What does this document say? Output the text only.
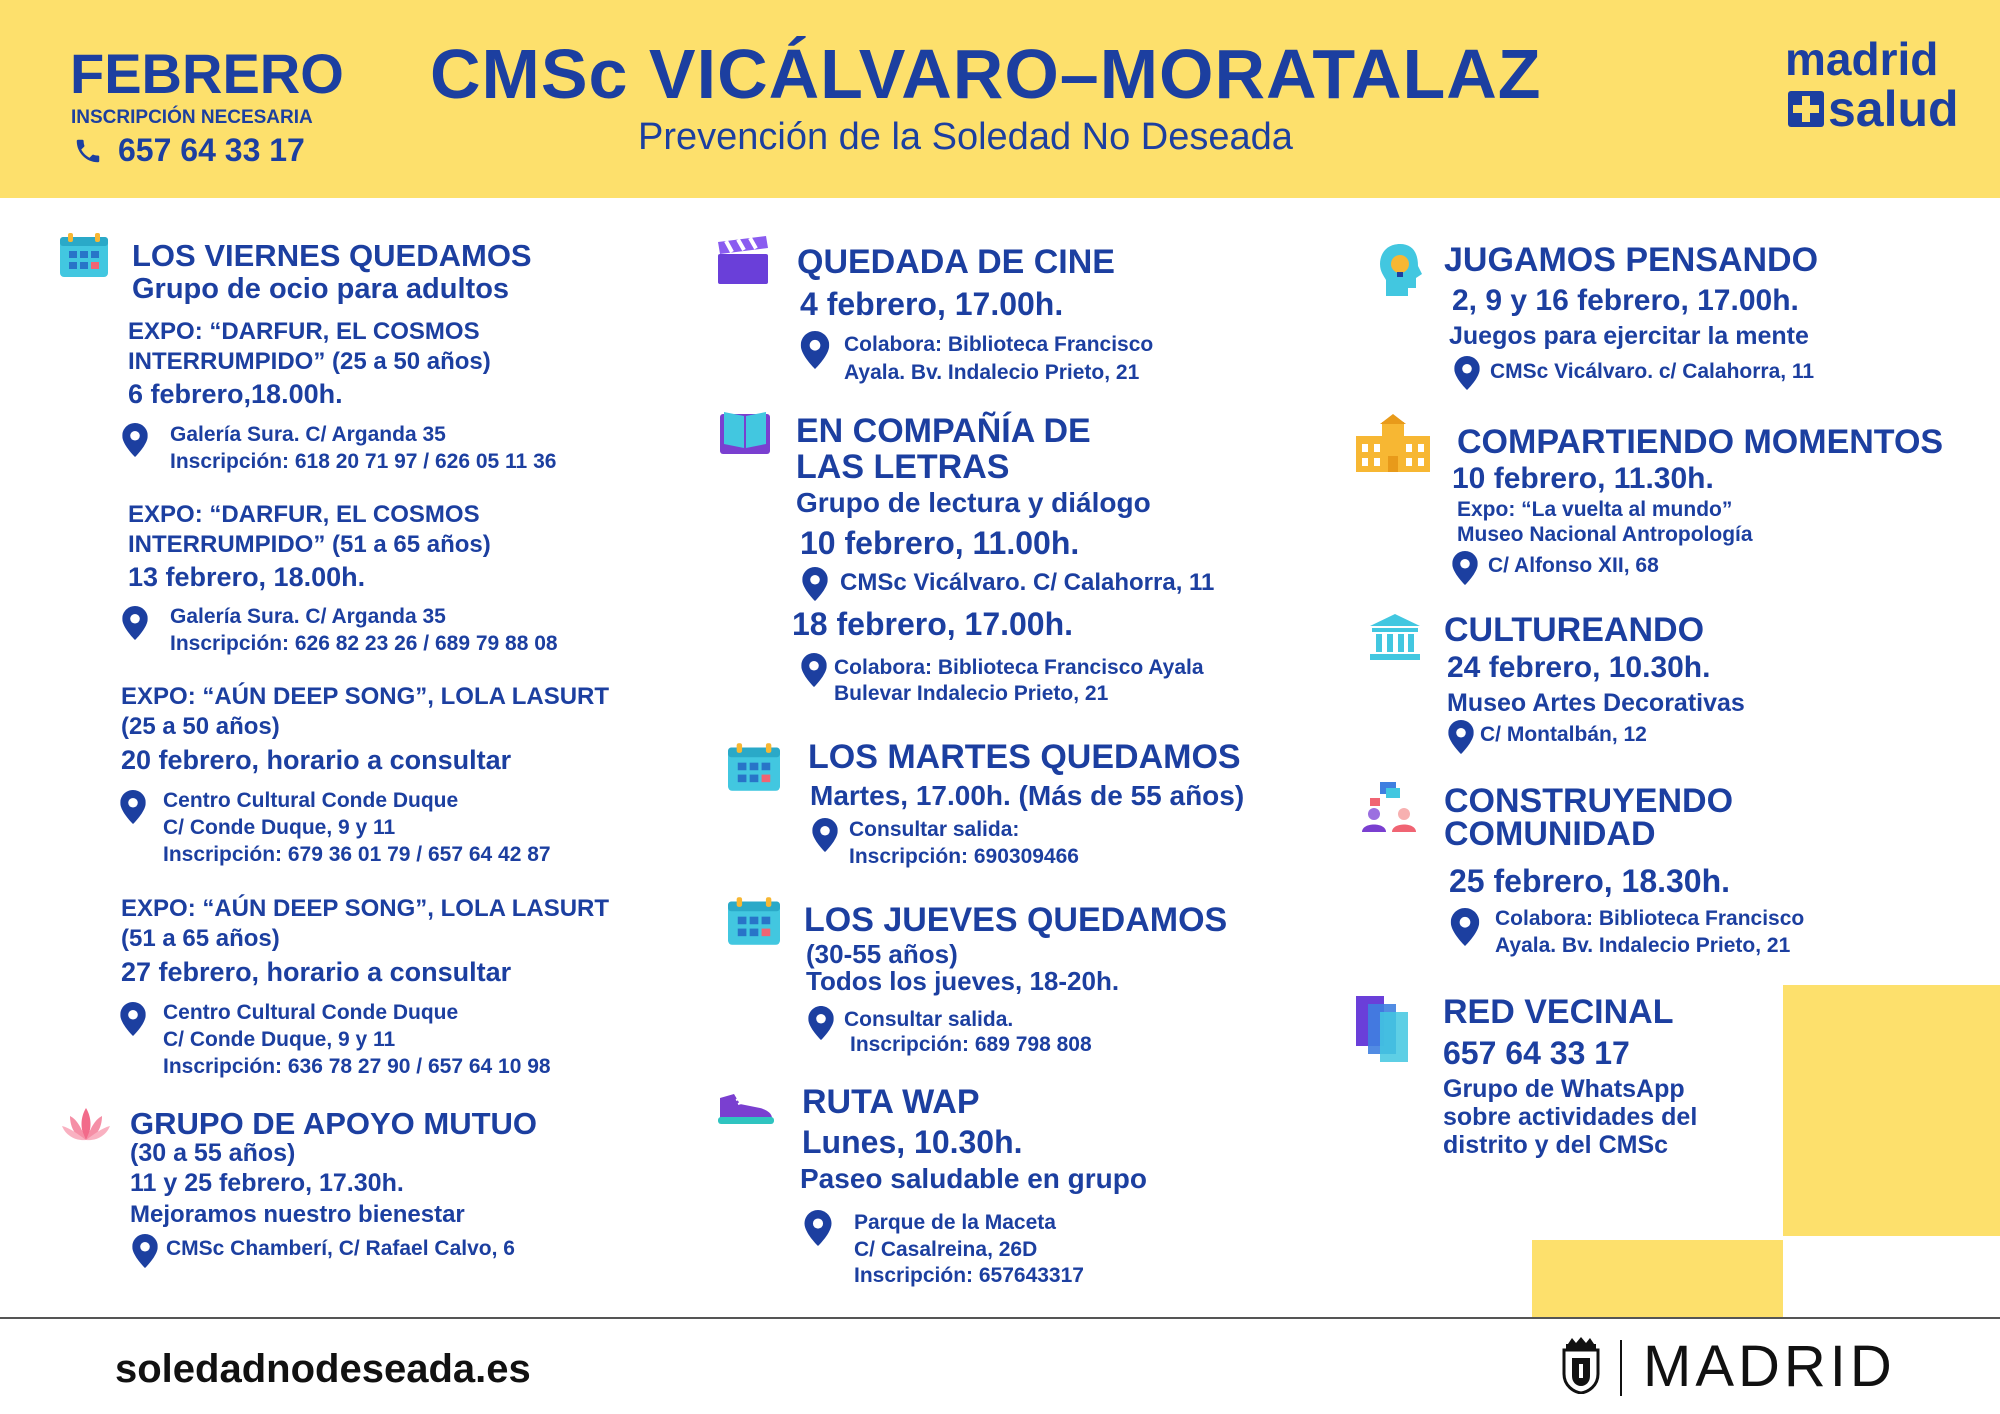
FEBRERO
INSCRIPCIÓN NECESARIA
657 64 33 17
CMSc VICÁLVARO–MORATALAZ
Prevención de la Soledad No Deseada
madrid
salud
LOS VIERNES QUEDAMOS
Grupo de ocio para adultos
EXPO: “DARFUR, EL COSMOS
INTERRUMPIDO” (25 a 50 años)
6 febrero,18.00h.
Galería Sura. C/ Arganda 35
Inscripción: 618 20 71 97 / 626 05 11 36
EXPO: “DARFUR, EL COSMOS
INTERRUMPIDO” (51 a 65 años)
13 febrero, 18.00h.
Galería Sura. C/ Arganda 35
Inscripción: 626 82 23 26 / 689 79 88 08
EXPO: “AÚN DEEP SONG”, LOLA LASURT
(25 a 50 años)
20 febrero, horario a consultar
Centro Cultural Conde Duque
C/ Conde Duque, 9 y 11
Inscripción: 679 36 01 79 / 657 64 42 87
EXPO: “AÚN DEEP SONG”, LOLA LASURT
(51 a 65 años)
27 febrero, horario a consultar
Centro Cultural Conde Duque
C/ Conde Duque, 9 y 11
Inscripción: 636 78 27 90 / 657 64 10 98
GRUPO DE APOYO MUTUO
(30 a 55 años)
11 y 25 febrero, 17.30h.
Mejoramos nuestro bienestar
CMSc Chamberí, C/ Rafael Calvo, 6
QUEDADA DE CINE
4 febrero, 17.00h.
Colabora: Biblioteca Francisco
Ayala. Bv. Indalecio Prieto, 21
EN COMPAÑÍA DE
LAS LETRAS
Grupo de lectura y diálogo
10 febrero, 11.00h.
CMSc Vicálvaro. C/ Calahorra, 11
18 febrero, 17.00h.
Colabora: Biblioteca Francisco Ayala
Bulevar Indalecio Prieto, 21
LOS MARTES QUEDAMOS
Martes, 17.00h. (Más de 55 años)
Consultar salida:
Inscripción: 690309466
LOS JUEVES QUEDAMOS
(30-55 años)
Todos los jueves, 18-20h.
Consultar salida.
Inscripción: 689 798 808
RUTA WAP
Lunes, 10.30h.
Paseo saludable en grupo
Parque de la Maceta
C/ Casalreina, 26D
Inscripción: 657643317
JUGAMOS PENSANDO
2, 9 y 16 febrero, 17.00h.
Juegos para ejercitar la mente
CMSc Vicálvaro. c/ Calahorra, 11
COMPARTIENDO MOMENTOS
10 febrero, 11.30h.
Expo: “La vuelta al mundo”
Museo Nacional Antropología
C/ Alfonso XII, 68
CULTUREANDO
24 febrero, 10.30h.
Museo Artes Decorativas
C/ Montalbán, 12
CONSTRUYENDO
COMUNIDAD
25 febrero, 18.30h.
Colabora: Biblioteca Francisco
Ayala. Bv. Indalecio Prieto, 21
RED VECINAL
657 64 33 17
Grupo de WhatsApp
sobre actividades del
distrito y del CMSc
soledadnodeseada.es	MADRID
